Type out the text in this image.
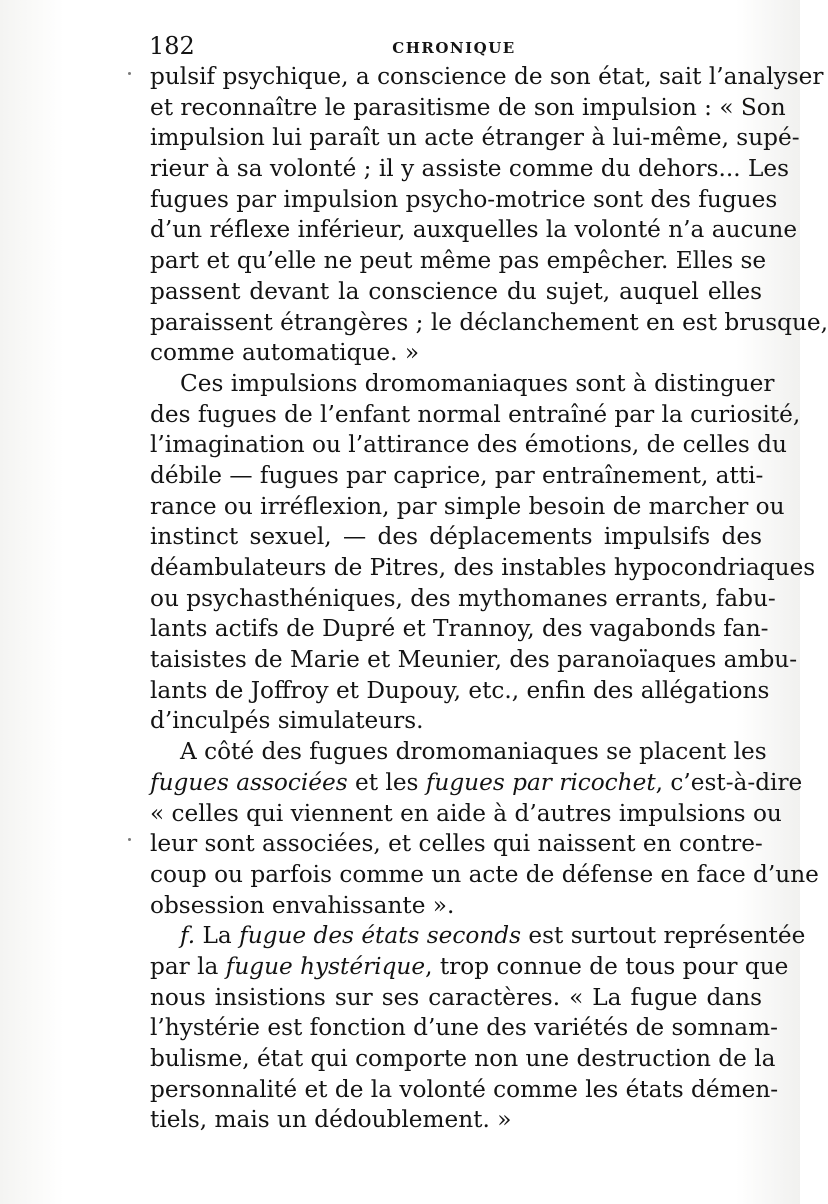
182	CHRONIQUE
pulsif psychique, a conscience de son état, sait l’analyser
et reconnaître le parasitisme de son impulsion : « Son
impulsion lui paraît un acte étranger à lui-même, supé-
rieur à sa volonté ; il y assiste comme du dehors... Les
fugues par impulsion psycho-motrice sont des fugues
d’un réflexe inférieur, auxquelles la volonté n’a aucune
part et qu’elle ne peut même pas empêcher. Elles se
passent devant la conscience du sujet, auquel elles
paraissent étrangères ; le déclanchement en est brusque,
comme automatique. »
Ces impulsions dromomaniaques sont à distinguer
des fugues de l’enfant normal entraîné par la curiosité,
l’imagination ou l’attirance des émotions, de celles du
débile — fugues par caprice, par entraînement, atti-
rance ou irréflexion, par simple besoin de marcher ou
instinct sexuel, — des déplacements impulsifs des
déambulateurs de Pitres, des instables hypocondriaques
ou psychasthéniques, des mythomanes errants, fabu-
lants actifs de Dupré et Trannoy, des vagabonds fan-
taisistes de Marie et Meunier, des paranoïaques ambu-
lants de Joffroy et Dupouy, etc., enfin des allégations
d’inculpés simulateurs.
A côté des fugues dromomaniaques se placent les
fugues associées et les fugues par ricochet, c’est-à-dire
« celles qui viennent en aide à d’autres impulsions ou
leur sont associées, et celles qui naissent en contre-
coup ou parfois comme un acte de défense en face d’une
obsession envahissante ».
f. La fugue des états seconds est surtout représentée
par la fugue hystérique, trop connue de tous pour que
nous insistions sur ses caractères. « La fugue dans
l’hystérie est fonction d’une des variétés de somnam-
bulisme, état qui comporte non une destruction de la
personnalité et de la volonté comme les états démen-
tiels, mais un dédoublement. »
